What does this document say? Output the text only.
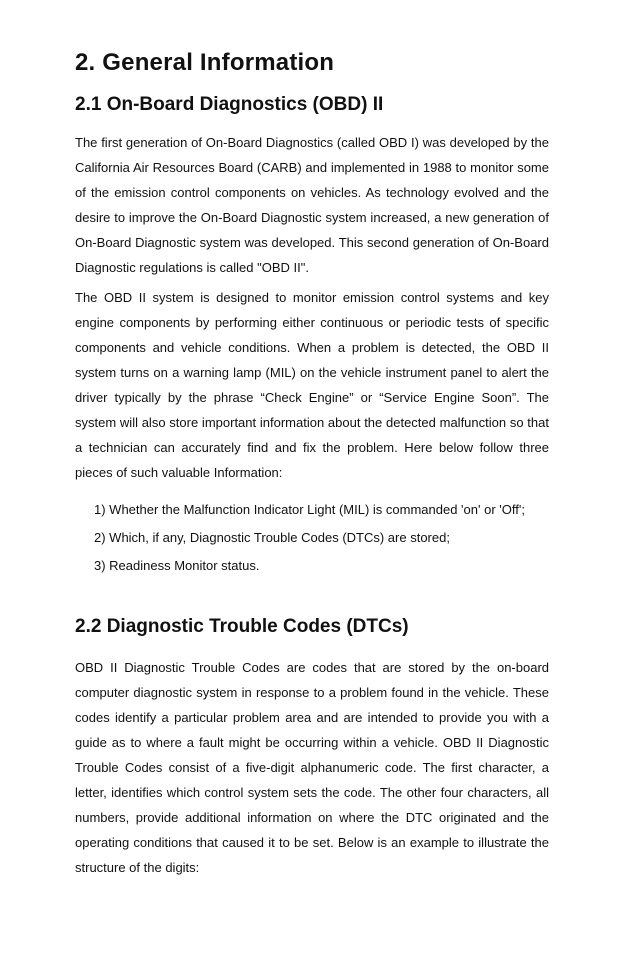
2. General Information
2.1 On-Board Diagnostics (OBD) II

The first generation of On-Board Diagnostics (called OBD I) was developed by the California Air Resources Board (CARB) and implemented in 1988 to monitor some of the emission control components on vehicles. As technology evolved and the desire to improve the On-Board Diagnostic system increased, a new generation of On-Board Diagnostic system was developed. This second generation of On-Board Diagnostic regulations is called "OBD II".

The OBD II system is designed to monitor emission control systems and key engine components by performing either continuous or periodic tests of specific components and vehicle conditions. When a problem is detected, the OBD II system turns on a warning lamp (MIL) on the vehicle instrument panel to alert the driver typically by the phrase “Check Engine” or “Service Engine Soon”. The system will also store important information about the detected malfunction so that a technician can accurately find and fix the problem. Here below follow three pieces of such valuable Information:

1) Whether the Malfunction Indicator Light (MIL) is commanded 'on' or 'Off';
2) Which, if any, Diagnostic Trouble Codes (DTCs) are stored;
3) Readiness Monitor status.
2.2 Diagnostic Trouble Codes (DTCs)

OBD II Diagnostic Trouble Codes are codes that are stored by the on-board computer diagnostic system in response to a problem found in the vehicle. These codes identify a particular problem area and are intended to provide you with a guide as to where a fault might be occurring within a vehicle. OBD II Diagnostic Trouble Codes consist of a five-digit alphanumeric code. The first character, a letter, identifies which control system sets the code. The other four characters, all numbers, provide additional information on where the DTC originated and the operating conditions that caused it to be set. Below is an example to illustrate the structure of the digits:
